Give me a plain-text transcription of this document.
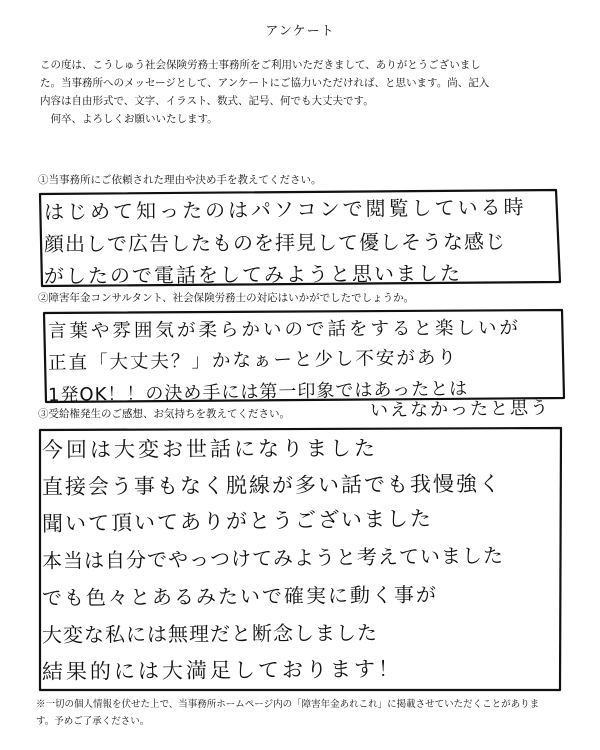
アンケート

この度は、こうしゅう社会保険労務士事務所をご利用いただきまして、ありがとうございまし

た。当事務所へのメッセージとして、アンケートにご協力いただければ、と思います。尚、記入

内容は自由形式で、文字、イラスト、数式、記号、何でも大丈夫です。

　何卒、よろしくお願いいたします。

①当事務所にご依頼された理由や決め手を教えてください。
はじめて知ったのはパソコンで閲覧している時
顔出しで広告したものを拝見して優しそうな感じ
がしたので電話をしてみようと思いました
②障害年金コンサルタント、社会保険労務士の対応はいかがでしたでしょうか。
言葉や雰囲気が柔らかいので話をすると楽しいが
正直「大丈夫？」かなぁーと少し不安があり
1発OK！！の決め手には第一印象ではあったとは
いえなかったと思う
③受給権発生のご感想、お気持ちを教えてください。
今回は大変お世話になりました
直接会う事もなく脱線が多い話でも我慢強く
聞いて頂いてありがとうございました
本当は自分でやっつけてみようと考えていました
でも色々とあるみたいで確実に動く事が
大変な私には無理だと断念しました
結果的には大満足しております！

※一切の個人情報を伏せた上で、当事務所ホームページ内の「障害年金あれこれ」に掲載させていただくことがありま

す。予めご了承ください。
